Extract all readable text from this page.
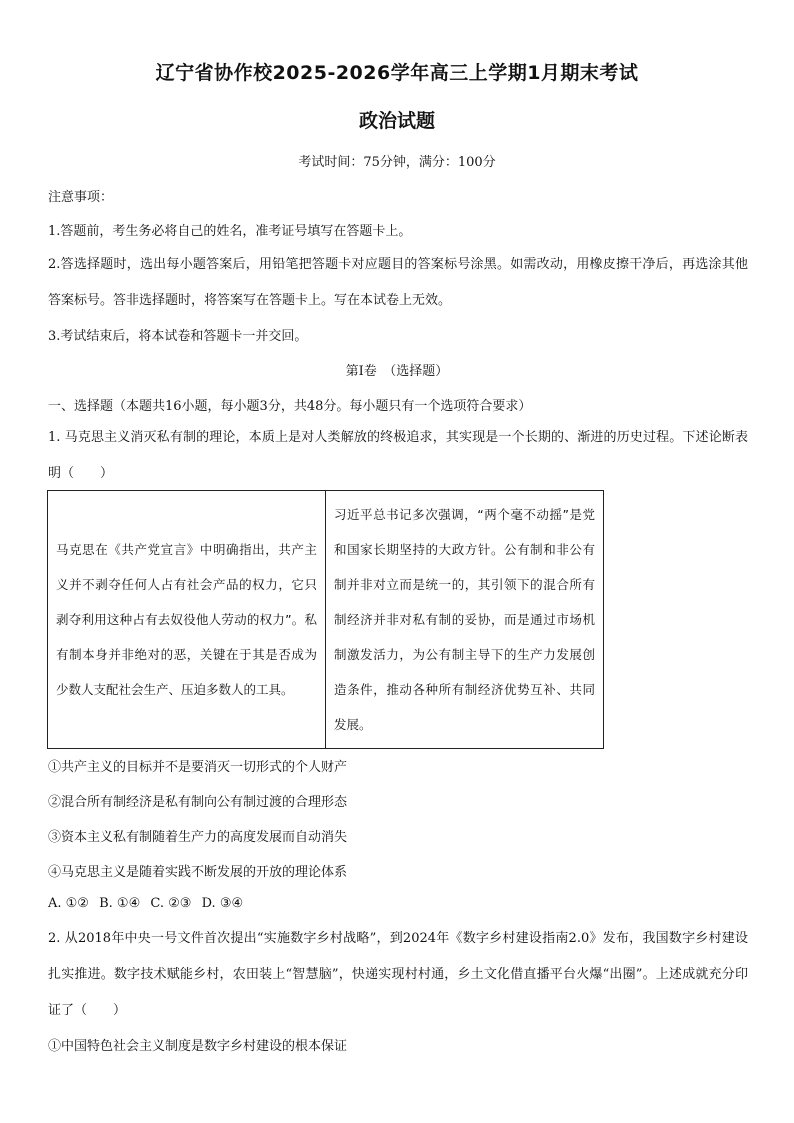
辽宁省协作校2025-2026学年高三上学期1月期末考试
政治试题
考试时间：75分钟，满分：100分
注意事项：
1.答题前，考生务必将自己的姓名，准考证号填写在答题卡上。
2.答选择题时，选出每小题答案后，用铅笔把答题卡对应题目的答案标号涂黑。如需改动，用橡皮擦干净后，再选涂其他答案标号。答非选择题时，将答案写在答题卡上。写在本试卷上无效。
3.考试结束后，将本试卷和答题卡一并交回。
第Ⅰ卷　（选择题）
一、选择题（本题共16小题，每小题3分，共48分。每小题只有一个选项符合要求）
1. 马克思主义消灭私有制的理论，本质上是对人类解放的终极追求，其实现是一个长期的、渐进的历史过程。下述论断表明（　　）
马克思在《共产党宣言》中明确指出，共产主义并不剥夺任何人占有社会产品的权力，它只剥夺利用这种占有去奴役他人劳动的权力”。私有制本身并非绝对的恶，关键在于其是否成为少数人支配社会生产、压迫多数人的工具。	习近平总书记多次强调，“两个毫不动摇”是党和国家长期坚持的大政方针。公有制和非公有制并非对立而是统一的，其引领下的混合所有制经济并非对私有制的妥协，而是通过市场机制激发活力，为公有制主导下的生产力发展创造条件，推动各种所有制经济优势互补、共同发展。
①共产主义的目标并不是要消灭一切形式的个人财产
②混合所有制经济是私有制向公有制过渡的合理形态
③资本主义私有制随着生产力的高度发展而自动消失
④马克思主义是随着实践不断发展的开放的理论体系
A. ①② B. ①④ C. ②③ D. ③④
2. 从2018年中央一号文件首次提出“实施数字乡村战略”，到2024年《数字乡村建设指南2.0》发布，我国数字乡村建设扎实推进。数字技术赋能乡村，农田装上“智慧脑”，快递实现村村通，乡土文化借直播平台火爆“出圈”。上述成就充分印证了（　　）
①中国特色社会主义制度是数字乡村建设的根本保证
